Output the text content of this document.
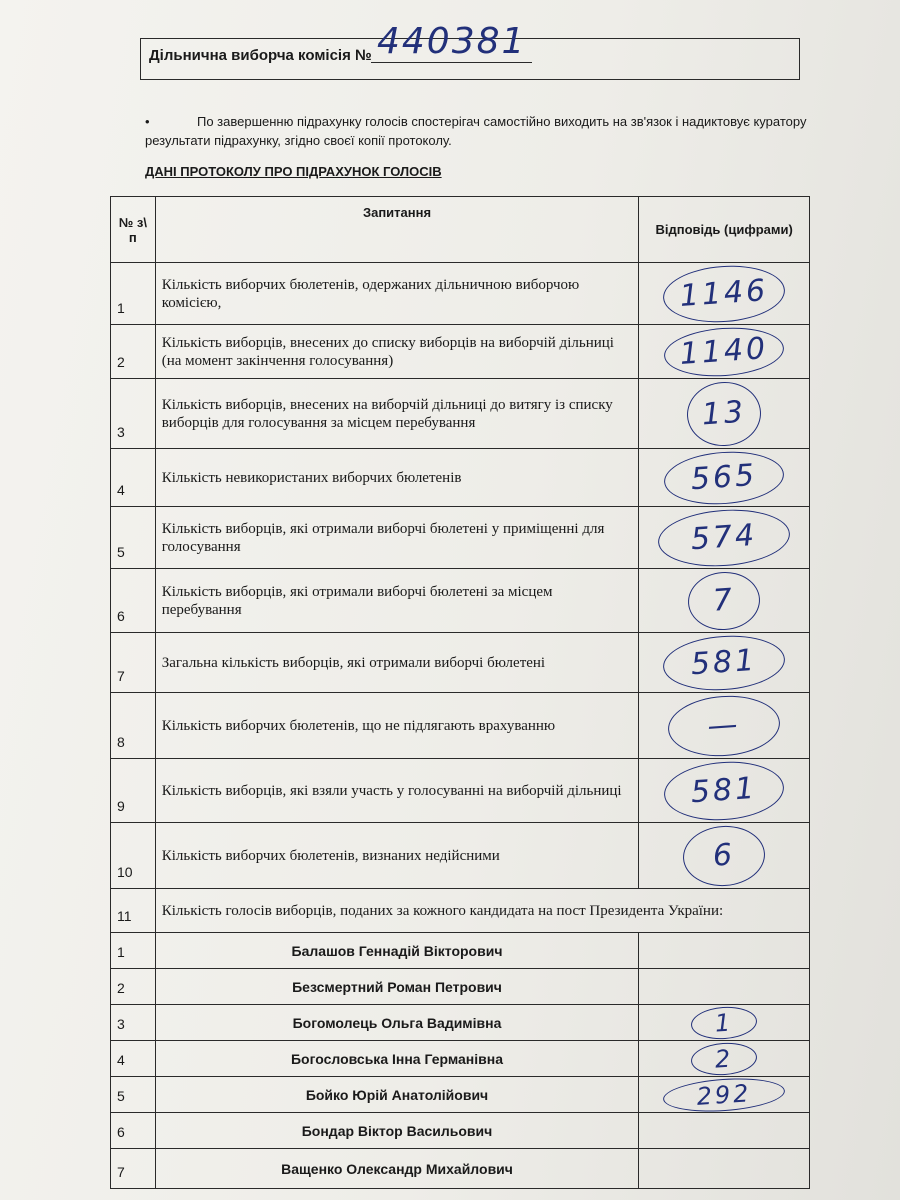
Дільнична виборча комісія № 440381
•	По завершенню підрахунку голосів спостерігач самостійно виходить на зв'язок і надиктовує куратору результати підрахунку, згідно своєї копії протоколу.

ДАНІ ПРОТОКОЛУ ПРО ПІДРАХУНОК ГОЛОСІВ
№ з\ п	Запитання	Відповідь (цифрами)
1	Кількість виборчих бюлетенів, одержаних дільничною виборчою комісією,	1146

2	Кількість виборців, внесених до списку виборців на виборчій дільниці (на момент закінчення голосування)	1140

3	Кількість виборців, внесених на виборчій дільниці до витягу із списку виборців для голосування за місцем перебування	13

4	Кількість невикористаних виборчих бюлетенів	565

5	Кількість виборців, які отримали виборчі бюлетені у приміщенні для голосування	574

6	Кількість виборців, які отримали виборчі бюлетені за місцем перебування	7

7	Загальна кількість виборців, які отримали виборчі бюлетені	581

8	Кількість виборчих бюлетенів, що не підлягають врахуванню	—

9	Кількість виборців, які взяли участь у голосуванні на виборчій дільниці	581

10	Кількість виборчих бюлетенів, визнаних недійсними	6

11	Кількість голосів виборців, поданих за кожного кандидата на пост Президента України:	
1	Балашов Геннадій Вікторович	
2	Безсмертний Роман Петрович	
3	Богомолець Ольга Вадимівна	1

4	Богословська Інна Германівна	2

5	Бойко Юрій Анатолійович	292

6	Бондар Віктор Васильович	
7	Ващенко Олександр Михайлович	
